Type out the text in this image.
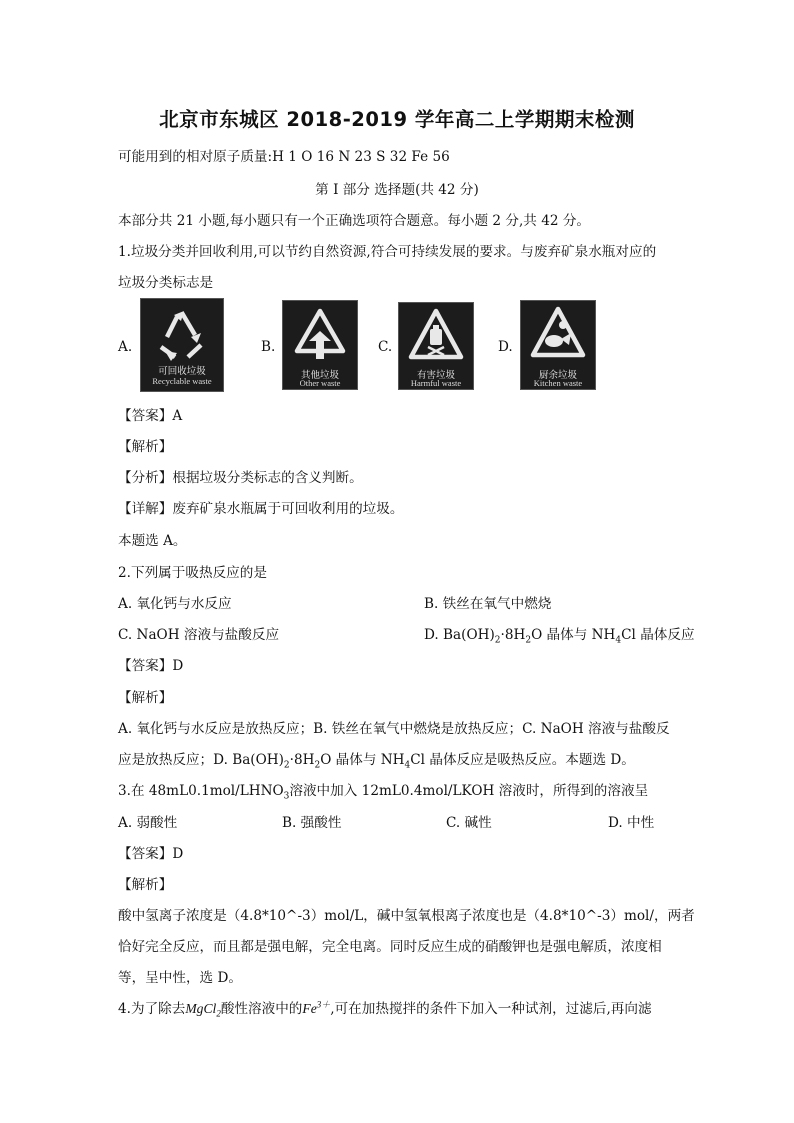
北京市东城区 2018-2019 学年高二上学期期末检测
可能用到的相对原子质量:H 1 O 16 N 23 S 32 Fe 56
第 I 部分 选择题(共 42 分)
本部分共 21 小题,每小题只有一个正确选项符合题意。每小题 2 分,共 42 分。
1.垃圾分类并回收利用,可以节约自然资源,符合可持续发展的要求。与废弃矿泉水瓶对应的
垃圾分类标志是
A.
可回收垃圾
Recyclable waste
B.
其他垃圾
Other waste
C.
有害垃圾
Harmful waste
D.
厨余垃圾
Kitchen waste
【答案】A
【解析】
【分析】根据垃圾分类标志的含义判断。
【详解】废弃矿泉水瓶属于可回收利用的垃圾。
本题选 A。
2.下列属于吸热反应的是
A. 氧化钙与水反应	B. 铁丝在氧气中燃烧
C. NaOH 溶液与盐酸反应	D. $Ba(OH)_2\cdot 8H_2O$ 晶体与 $NH_4Cl$ 晶体反应
【答案】D
【解析】
A. 氧化钙与水反应是放热反应；B. 铁丝在氧气中燃烧是放热反应；C. NaOH 溶液与盐酸反
应是放热反应；D. $Ba(OH)_2\cdot 8H_2O$ 晶体与 $NH_4Cl$ 晶体反应是吸热反应。本题选 D。
3.在 $48mL0.1mol/LHNO_3$溶液中加入 12mL0.4mol/LKOH 溶液时，所得到的溶液呈
A. 弱酸性	B. 强酸性	C. 碱性	D. 中性
【答案】D
【解析】
酸中氢离子浓度是（4.8*10^-3）mol/L，碱中氢氧根离子浓度也是（4.8*10^-3）mol/，两者
恰好完全反应，而且都是强电解，完全电离。同时反应生成的硝酸钾也是强电解质，浓度相
等，呈中性，选 D。
4.为了除去MgCl$_2$酸性溶液中的$Fe^{3+}$,可在加热搅拌的条件下加入一种试剂，过滤后,再向滤
